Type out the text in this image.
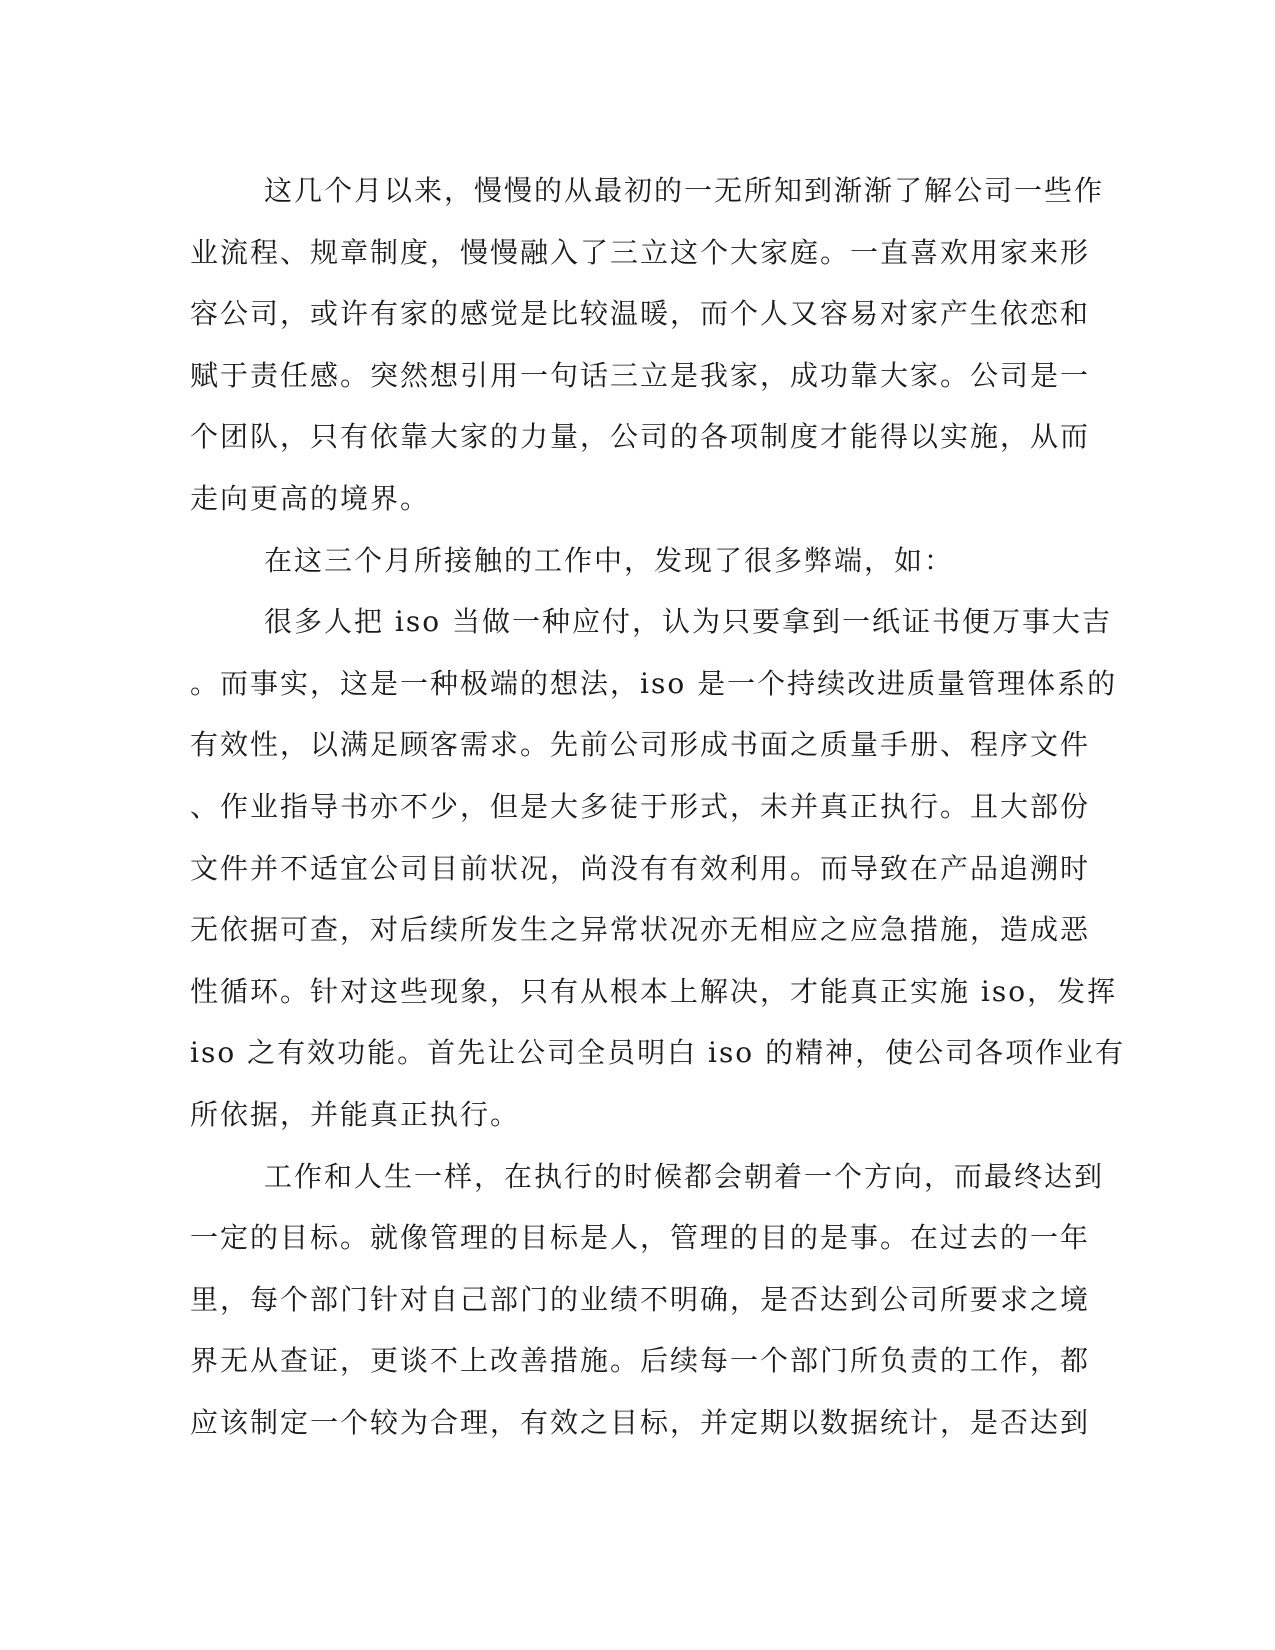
这几个月以来，慢慢的从最初的一无所知到渐渐了解公司一些作
业流程、规章制度，慢慢融入了三立这个大家庭。一直喜欢用家来形
容公司，或许有家的感觉是比较温暖，而个人又容易对家产生依恋和
赋于责任感。突然想引用一句话三立是我家，成功靠大家。公司是一
个团队，只有依靠大家的力量，公司的各项制度才能得以实施，从而
走向更高的境界。
在这三个月所接触的工作中，发现了很多弊端，如：
很多人把 iso 当做一种应付，认为只要拿到一纸证书便万事大吉
。而事实，这是一种极端的想法，iso 是一个持续改进质量管理体系的
有效性，以满足顾客需求。先前公司形成书面之质量手册、程序文件
、作业指导书亦不少，但是大多徒于形式，未并真正执行。且大部份
文件并不适宜公司目前状况，尚没有有效利用。而导致在产品追溯时
无依据可查，对后续所发生之异常状况亦无相应之应急措施，造成恶
性循环。针对这些现象，只有从根本上解决，才能真正实施 iso，发挥
iso 之有效功能。首先让公司全员明白 iso 的精神，使公司各项作业有
所依据，并能真正执行。
工作和人生一样，在执行的时候都会朝着一个方向，而最终达到
一定的目标。就像管理的目标是人，管理的目的是事。在过去的一年
里，每个部门针对自己部门的业绩不明确，是否达到公司所要求之境
界无从查证，更谈不上改善措施。后续每一个部门所负责的工作，都
应该制定一个较为合理，有效之目标，并定期以数据统计，是否达到
